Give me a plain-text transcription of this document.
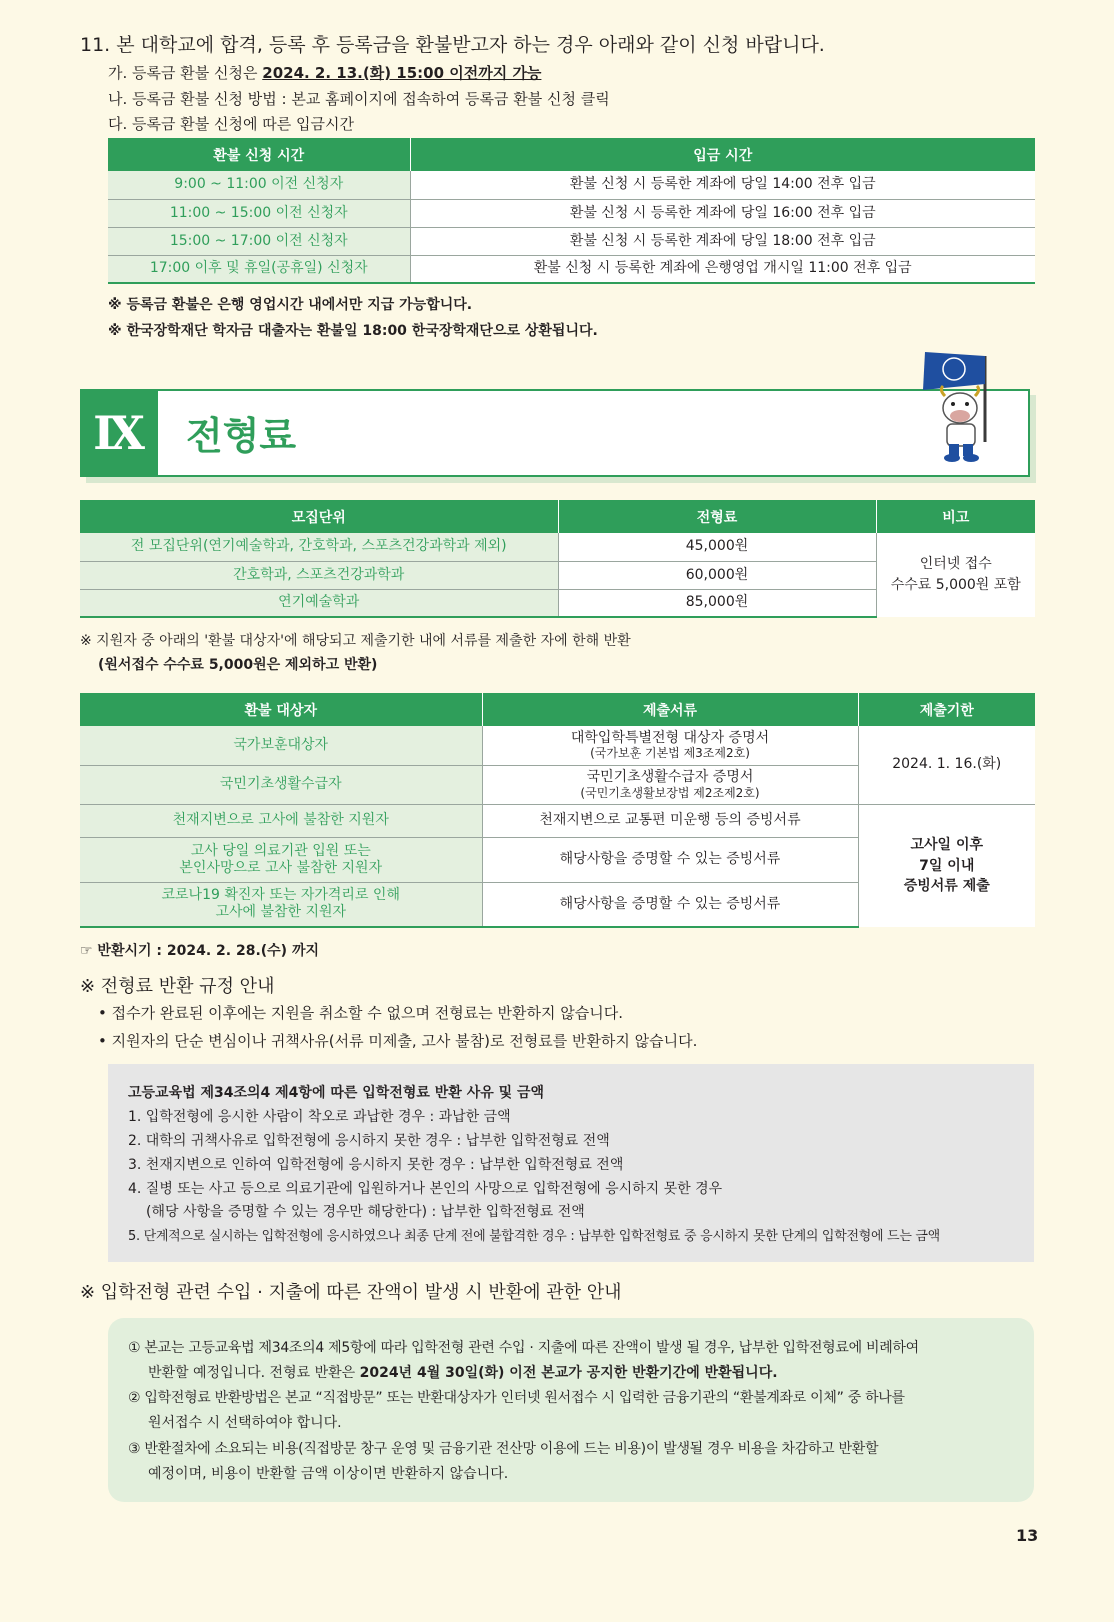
11. 본 대학교에 합격, 등록 후 등록금을 환불받고자 하는 경우 아래와 같이 신청 바랍니다.
가. 등록금 환불 신청은 2024. 2. 13.(화) 15:00 이전까지 가능
나. 등록금 환불 신청 방법 : 본교 홈페이지에 접속하여 등록금 환불 신청 클릭
다. 등록금 환불 신청에 따른 입금시간
환불 신청 시간	입금 시간
9:00 ~ 11:00 이전 신청자	환불 신청 시 등록한 계좌에 당일 14:00 전후 입금
11:00 ~ 15:00 이전 신청자	환불 신청 시 등록한 계좌에 당일 16:00 전후 입금
15:00 ~ 17:00 이전 신청자	환불 신청 시 등록한 계좌에 당일 18:00 전후 입금
17:00 이후 및 휴일(공휴일) 신청자	환불 신청 시 등록한 계좌에 은행영업 개시일 11:00 전후 입금
※ 등록금 환불은 은행 영업시간 내에서만 지급 가능합니다.
※ 한국장학재단 학자금 대출자는 환불일 18:00 한국장학재단으로 상환됩니다.
Ⅸ	전형료
모집단위	전형료	비고
전 모집단위(연기예술학과, 간호학과, 스포츠건강과학과 제외)	45,000원	인터넷 접수
수수료 5,000원 포함
간호학과, 스포츠건강과학과	60,000원	
연기예술학과	85,000원	
※ 지원자 중 아래의 '환불 대상자'에 해당되고 제출기한 내에 서류를 제출한 자에 한해 반환
(원서접수 수수료 5,000원은 제외하고 반환)
환불 대상자	제출서류	제출기한
국가보훈대상자	대학입학특별전형 대상자 증명서
(국가보훈 기본법 제3조제2호)	2024. 1. 16.(화)
국민기초생활수급자	국민기초생활수급자 증명서
(국민기초생활보장법 제2조제2호)	

천재지변으로 고사에 불참한 지원자	천재지변으로 교통편 미운행 등의 증빙서류	고사일 이후
7일 이내
증빙서류 제출
고사 당일 의료기관 입원 또는
본인사망으로 고사 불참한 지원자	해당사항을 증명할 수 있는 증빙서류	
코로나19 확진자 또는 자가격리로 인해
고사에 불참한 지원자	해당사항을 증명할 수 있는 증빙서류	
☞ 반환시기 : 2024. 2. 28.(수) 까지
※ 전형료 반환 규정 안내
• 접수가 완료된 이후에는 지원을 취소할 수 없으며 전형료는 반환하지 않습니다.
• 지원자의 단순 변심이나 귀책사유(서류 미제출, 고사 불참)로 전형료를 반환하지 않습니다.
고등교육법 제34조의4 제4항에 따른 입학전형료 반환 사유 및 금액
1. 입학전형에 응시한 사람이 착오로 과납한 경우 : 과납한 금액
2. 대학의 귀책사유로 입학전형에 응시하지 못한 경우 : 납부한 입학전형료 전액
3. 천재지변으로 인하여 입학전형에 응시하지 못한 경우 : 납부한 입학전형료 전액
4. 질병 또는 사고 등으로 의료기관에 입원하거나 본인의 사망으로 입학전형에 응시하지 못한 경우
(해당 사항을 증명할 수 있는 경우만 해당한다) : 납부한 입학전형료 전액
5. 단계적으로 실시하는 입학전형에 응시하였으나 최종 단계 전에 불합격한 경우 : 납부한 입학전형료 중 응시하지 못한 단계의 입학전형에 드는 금액
※ 입학전형 관련 수입 · 지출에 따른 잔액이 발생 시 반환에 관한 안내
① 본교는 고등교육법 제34조의4 제5항에 따라 입학전형 관련 수입 · 지출에 따른 잔액이 발생 될 경우, 납부한 입학전형료에 비례하여
반환할 예정입니다. 전형료 반환은 2024년 4월 30일(화) 이전 본교가 공지한 반환기간에 반환됩니다.
② 입학전형료 반환방법은 본교 “직접방문” 또는 반환대상자가 인터넷 원서접수 시 입력한 금융기관의 “환불계좌로 이체” 중 하나를
원서접수 시 선택하여야 합니다.
③ 반환절차에 소요되는 비용(직접방문 창구 운영 및 금융기관 전산망 이용에 드는 비용)이 발생될 경우 비용을 차감하고 반환할
예정이며, 비용이 반환할 금액 이상이면 반환하지 않습니다.
13
